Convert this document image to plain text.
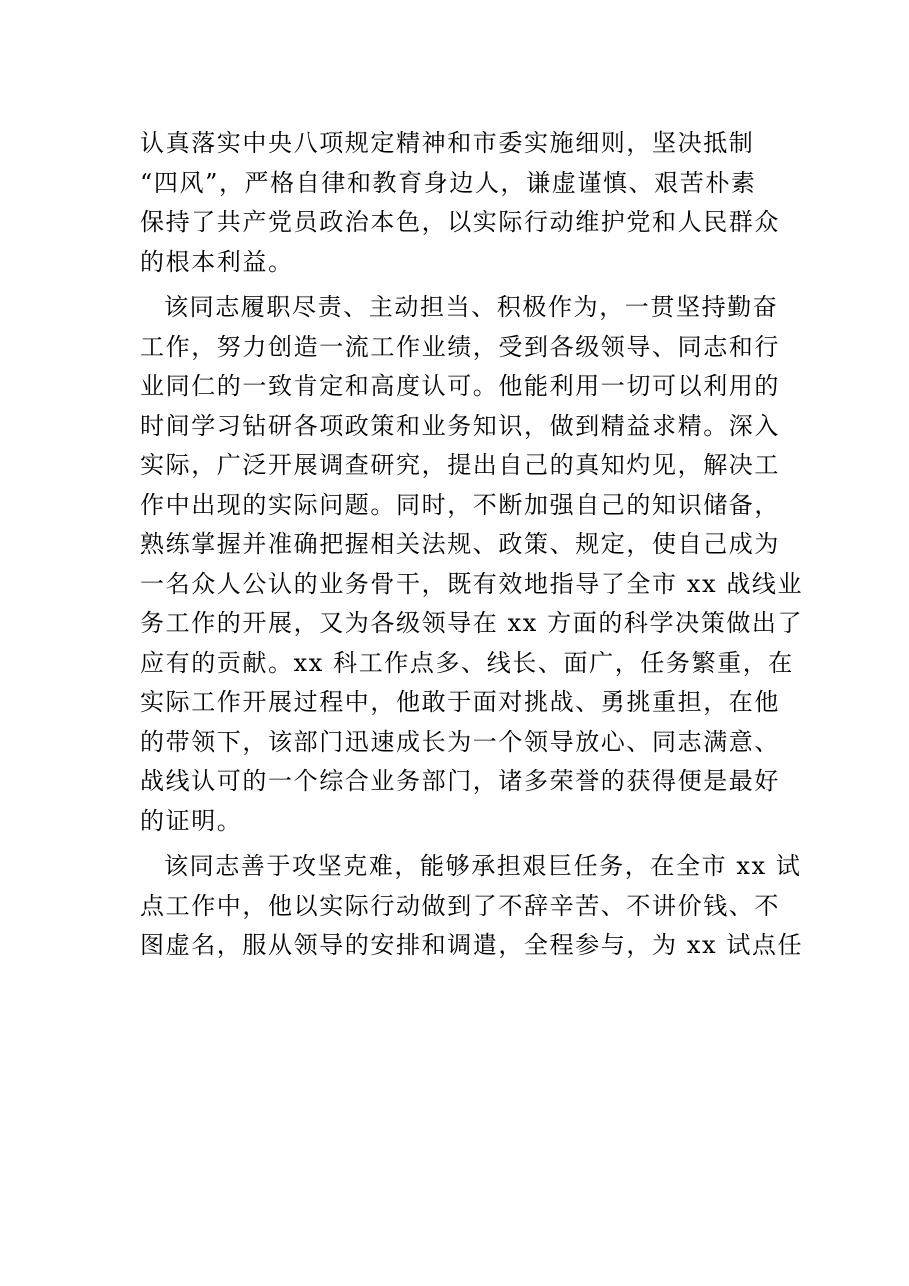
认真落实中央八项规定精神和市委实施细则，坚决抵制
“四风”，严格自律和教育身边人，谦虚谨慎、艰苦朴素
保持了共产党员政治本色，以实际行动维护党和人民群众
的根本利益。
该同志履职尽责、主动担当、积极作为，一贯坚持勤奋
工作，努力创造一流工作业绩，受到各级领导、同志和行
业同仁的一致肯定和高度认可。他能利用一切可以利用的
时间学习钻研各项政策和业务知识，做到精益求精。深入
实际，广泛开展调查研究，提出自己的真知灼见，解决工
作中出现的实际问题。同时，不断加强自己的知识储备，
熟练掌握并准确把握相关法规、政策、规定，使自己成为
一名众人公认的业务骨干，既有效地指导了全市 xx 战线业
务工作的开展，又为各级领导在 xx 方面的科学决策做出了
应有的贡献。xx 科工作点多、线长、面广，任务繁重，在
实际工作开展过程中，他敢于面对挑战、勇挑重担，在他
的带领下，该部门迅速成长为一个领导放心、同志满意、
战线认可的一个综合业务部门，诸多荣誉的获得便是最好
的证明。
该同志善于攻坚克难，能够承担艰巨任务，在全市 xx 试
点工作中，他以实际行动做到了不辞辛苦、不讲价钱、不
图虚名，服从领导的安排和调遣，全程参与，为 xx 试点任
